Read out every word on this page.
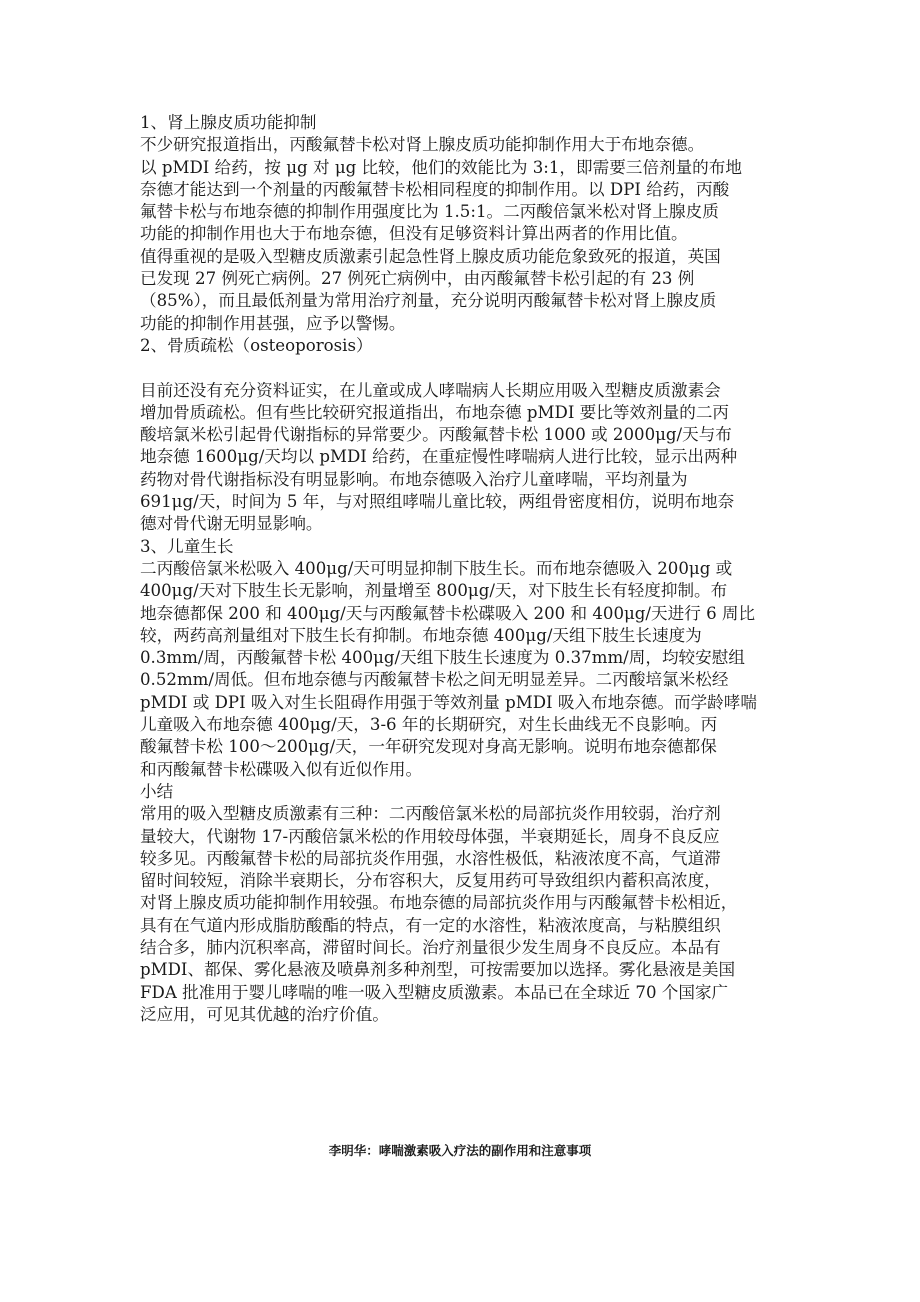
1、肾上腺皮质功能抑制
不少研究报道指出，丙酸氟替卡松对肾上腺皮质功能抑制作用大于布地奈德。
以 pMDI 给药，按 μg 对 μg 比较，他们的效能比为 3:1，即需要三倍剂量的布地
奈德才能达到一个剂量的丙酸氟替卡松相同程度的抑制作用。以 DPI 给药，丙酸
氟替卡松与布地奈德的抑制作用强度比为 1.5:1。二丙酸倍氯米松对肾上腺皮质
功能的抑制作用也大于布地奈德，但没有足够资料计算出两者的作用比值。
值得重视的是吸入型糖皮质激素引起急性肾上腺皮质功能危象致死的报道，英国
已发现 27 例死亡病例。27 例死亡病例中，由丙酸氟替卡松引起的有 23 例
（85%），而且最低剂量为常用治疗剂量，充分说明丙酸氟替卡松对肾上腺皮质
功能的抑制作用甚强，应予以警惕。
2、骨质疏松（osteoporosis）
目前还没有充分资料证实，在儿童或成人哮喘病人长期应用吸入型糖皮质激素会
增加骨质疏松。但有些比较研究报道指出，布地奈德 pMDI 要比等效剂量的二丙
酸培氯米松引起骨代谢指标的异常要少。丙酸氟替卡松 1000 或 2000μg/天与布
地奈德 1600μg/天均以 pMDI 给药，在重症慢性哮喘病人进行比较，显示出两种
药物对骨代谢指标没有明显影响。布地奈德吸入治疗儿童哮喘，平均剂量为
691μg/天，时间为 5 年，与对照组哮喘儿童比较，两组骨密度相仿，说明布地奈
德对骨代谢无明显影响。
3、儿童生长
二丙酸倍氯米松吸入 400μg/天可明显抑制下肢生长。而布地奈德吸入 200μg 或
400μg/天对下肢生长无影响，剂量增至 800μg/天，对下肢生长有轻度抑制。布
地奈德都保 200 和 400μg/天与丙酸氟替卡松碟吸入 200 和 400μg/天进行 6 周比
较，两药高剂量组对下肢生长有抑制。布地奈德 400μg/天组下肢生长速度为
0.3mm/周，丙酸氟替卡松 400μg/天组下肢生长速度为 0.37mm/周，均较安慰组
0.52mm/周低。但布地奈德与丙酸氟替卡松之间无明显差异。二丙酸培氯米松经
pMDI 或 DPI 吸入对生长阻碍作用强于等效剂量 pMDI 吸入布地奈德。而学龄哮喘
儿童吸入布地奈德 400μg/天，3-6 年的长期研究，对生长曲线无不良影响。丙
酸氟替卡松 100～200μg/天，一年研究发现对身高无影响。说明布地奈德都保
和丙酸氟替卡松碟吸入似有近似作用。
小结
常用的吸入型糖皮质激素有三种：二丙酸倍氯米松的局部抗炎作用较弱，治疗剂
量较大，代谢物 17-丙酸倍氯米松的作用较母体强，半衰期延长，周身不良反应
较多见。丙酸氟替卡松的局部抗炎作用强，水溶性极低，粘液浓度不高，气道滞
留时间较短，消除半衰期长，分布容积大，反复用药可导致组织内蓄积高浓度，
对肾上腺皮质功能抑制作用较强。布地奈德的局部抗炎作用与丙酸氟替卡松相近，
具有在气道内形成脂肪酸酯的特点，有一定的水溶性，粘液浓度高，与粘膜组织
结合多，肺内沉积率高，滞留时间长。治疗剂量很少发生周身不良反应。本品有
pMDI、都保、雾化悬液及喷鼻剂多种剂型，可按需要加以选择。雾化悬液是美国
FDA 批准用于婴儿哮喘的唯一吸入型糖皮质激素。本品已在全球近 70 个国家广
泛应用，可见其优越的治疗价值。
李明华：哮喘激素吸入疗法的副作用和注意事项
